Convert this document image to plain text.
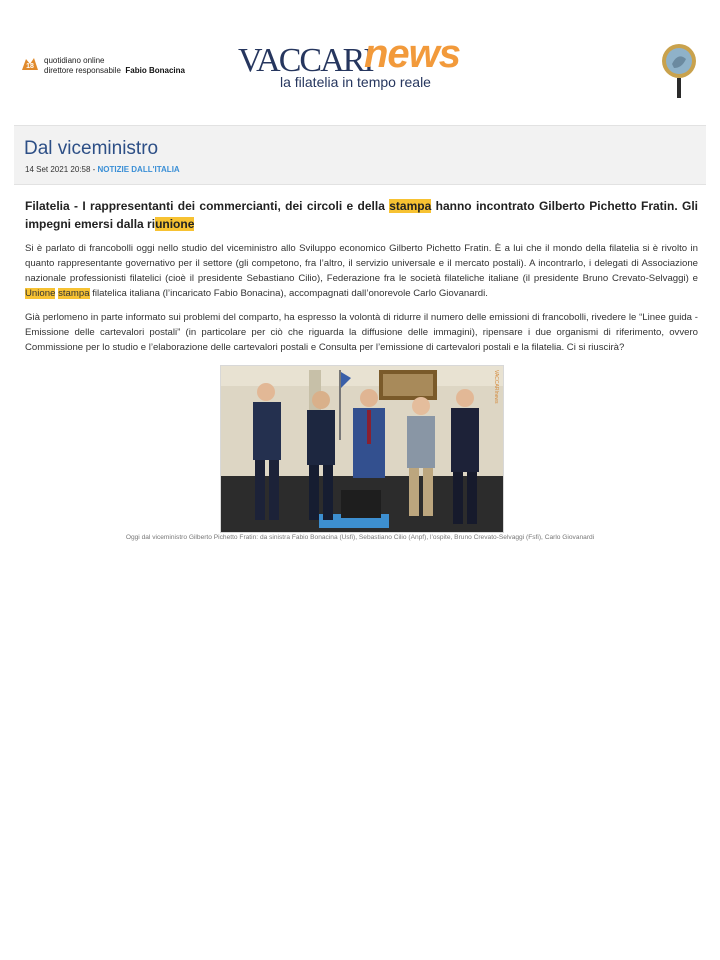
18
quotidiano online
direttore responsabile Fabio Bonacina VACCARI
news
la filatelia in tempo reale
Dal viceministro
14 Set 2021 20:58 - NOTIZIE DALL'ITALIA

Filatelia - I rappresentanti dei commercianti, dei circoli e della stampa hanno incontrato Gilberto Pichetto Fratin. Gli impegni emersi dalla riunione

Si è parlato di francobolli oggi nello studio del viceministro allo Sviluppo economico Gilberto Pichetto Fratin. È a lui che il mondo della filatelia si è rivolto in quanto rappresentante governativo per il settore (gli competono, fra l’altro, il servizio universale e il mercato postali). A incontrarlo, i delegati di Associazione nazionale professionisti filatelici (cioè il presidente Sebastiano Cilio), Federazione fra le società filateliche italiane (il presidente Bruno Crevato-Selvaggi) e Unione stampa filatelica italiana (l’incaricato Fabio Bonacina), accompagnati dall’onorevole Carlo Giovanardi.

Già perlomeno in parte informato sui problemi del comparto, ha espresso la volontà di ridurre il numero delle emissioni di francobolli, rivedere le “Linee guida - Emissione delle cartevalori postali” (in particolare per ciò che riguarda la diffusione delle immagini), ripensare i due organismi di riferimento, ovvero Commissione per lo studio e l’elaborazione delle cartevalori postali e Consulta per l’emissione di cartevalori postali e la filatelia. Ci si riuscirà?

VACCARInews
Oggi dal viceministro Gilberto Pichetto Fratin: da sinistra Fabio Bonacina (Usfi), Sebastiano Cilio (Anpf), l’ospite, Bruno Crevato-Selvaggi (Fsfi), Carlo Giovanardi
